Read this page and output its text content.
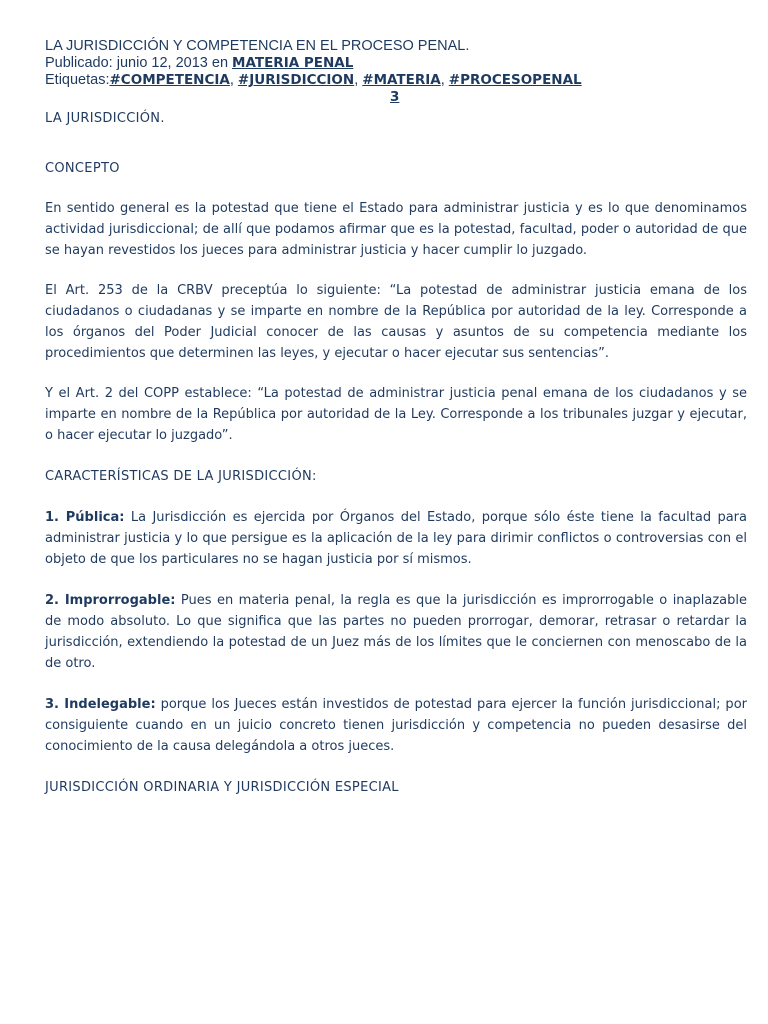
LA JURISDICCIÓN Y COMPETENCIA EN EL PROCESO PENAL.
Publicado: junio 12, 2013 en MATERIA PENAL
Etiquetas:#COMPETENCIA, #JURISDICCION, #MATERIA, #PROCESOPENAL
3
LA JURISDICCIÓN.
CONCEPTO

En sentido general es la potestad que tiene el Estado para administrar justicia y es lo que denominamos actividad jurisdiccional; de allí que podamos afirmar que es la potestad, facultad, poder o autoridad de que se hayan revestidos los jueces para administrar justicia y hacer cumplir lo juzgado.

El Art. 253 de la CRBV preceptúa lo siguiente: “La potestad de administrar justicia emana de los ciudadanos o ciudadanas y se imparte en nombre de la República por autoridad de la ley. Corresponde a los órganos del Poder Judicial conocer de las causas y asuntos de su competencia mediante los procedimientos que determinen las leyes, y ejecutar o hacer ejecutar sus sentencias”.

Y el Art. 2 del COPP establece: “La potestad de administrar justicia penal emana de los ciudadanos y se imparte en nombre de la República por autoridad de la Ley. Corresponde a los tribunales juzgar y ejecutar, o hacer ejecutar lo juzgado”.

CARACTERÍSTICAS DE LA JURISDICCIÓN:

1. Pública: La Jurisdicción es ejercida por Órganos del Estado, porque sólo éste tiene la facultad para administrar justicia y lo que persigue es la aplicación de la ley para dirimir conflictos o controversias con el objeto de que los particulares no se hagan justicia por sí mismos.

2. Improrrogable: Pues en materia penal, la regla es que la jurisdicción es improrrogable o inaplazable de modo absoluto. Lo que significa que las partes no pueden prorrogar, demorar, retrasar o retardar la jurisdicción, extendiendo la potestad de un Juez más de los límites que le conciernen con menoscabo de la de otro.

3. Indelegable: porque los Jueces están investidos de potestad para ejercer la función jurisdiccional; por consiguiente cuando en un juicio concreto tienen jurisdicción y competencia no pueden desasirse del conocimiento de la causa delegándola a otros jueces.

JURISDICCIÓN ORDINARIA Y JURISDICCIÓN ESPECIAL
